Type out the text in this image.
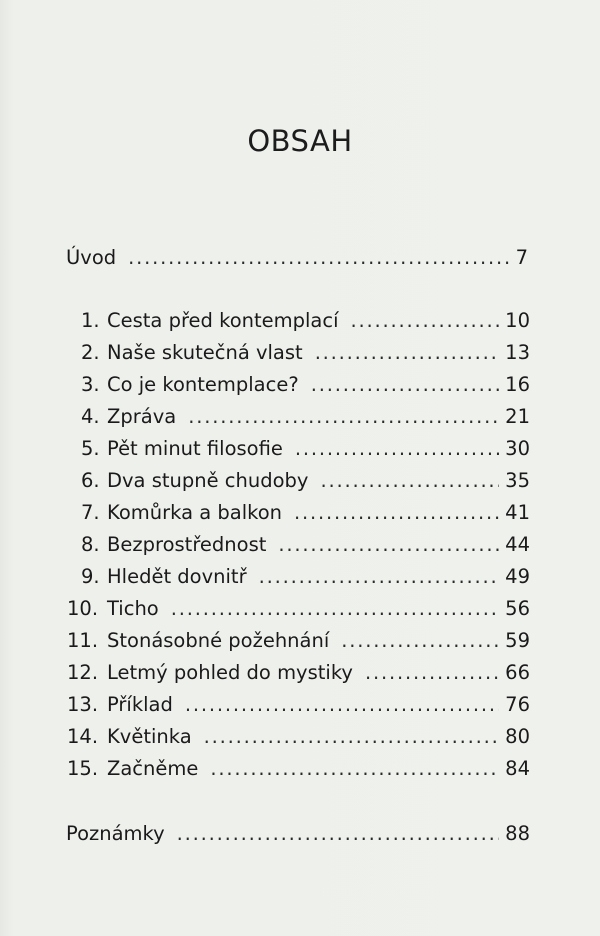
OBSAH
Úvod .....	7
1. Cesta před kontemplací .....	10
2. Naše skutečná vlast .....	13
3. Co je kontemplace? .....	16
4. Zpráva .....	21
5. Pět minut filosofie .....	30
6. Dva stupně chudoby .....	35
7. Komůrka a balkon .....	41
8. Bezprostřednost .....	44
9. Hledět dovnitř .....	49
10. Ticho .....	56
11. Stonásobné požehnání .....	59
12. Letmý pohled do mystiky .....	66
13. Příklad .....	76
14. Květinka .....	80
15. Začněme .....	84
Poznámky .....	88
